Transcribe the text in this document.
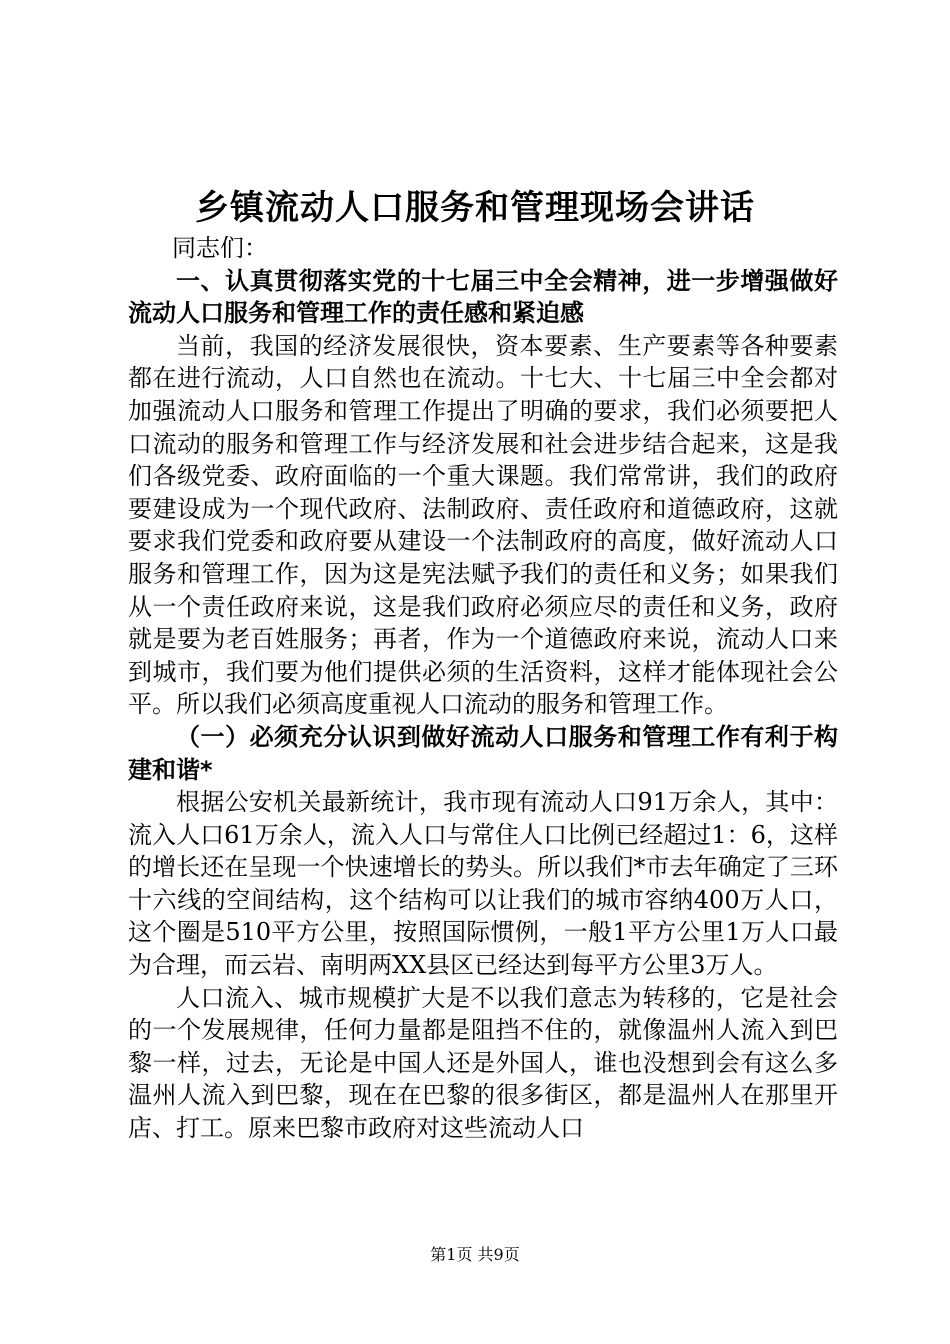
乡镇流动人口服务和管理现场会讲话

同志们：

一、认真贯彻落实党的十七届三中全会精神，进一步增强做好流动人口服务和管理工作的责任感和紧迫感

当前，我国的经济发展很快，资本要素、生产要素等各种要素都在进行流动，人口自然也在流动。十七大、十七届三中全会都对加强流动人口服务和管理工作提出了明确的要求，我们必须要把人口流动的服务和管理工作与经济发展和社会进步结合起来，这是我们各级党委、政府面临的一个重大课题。我们常常讲，我们的政府要建设成为一个现代政府、法制政府、责任政府和道德政府，这就要求我们党委和政府要从建设一个法制政府的高度，做好流动人口服务和管理工作，因为这是宪法赋予我们的责任和义务；如果我们从一个责任政府来说，这是我们政府必须应尽的责任和义务，政府就是要为老百姓服务；再者，作为一个道德政府来说，流动人口来到城市，我们要为他们提供必须的生活资料，这样才能体现社会公平。所以我们必须高度重视人口流动的服务和管理工作。

（一）必须充分认识到做好流动人口服务和管理工作有利于构建和谐*

根据公安机关最新统计，我市现有流动人口91万余人，其中：流入人口61万余人，流入人口与常住人口比例已经超过1：6，这样的增长还在呈现一个快速增长的势头。所以我们*市去年确定了三环十六线的空间结构，这个结构可以让我们的城市容纳400万人口，这个圈是510平方公里，按照国际惯例，一般1平方公里1万人口最为合理，而云岩、南明两XX县区已经达到每平方公里3万人。

人口流入、城市规模扩大是不以我们意志为转移的，它是社会的一个发展规律，任何力量都是阻挡不住的，就像温州人流入到巴黎一样，过去，无论是中国人还是外国人，谁也没想到会有这么多温州人流入到巴黎，现在在巴黎的很多街区，都是温州人在那里开店、打工。原来巴黎市政府对这些流动人口

第1页 共9页
